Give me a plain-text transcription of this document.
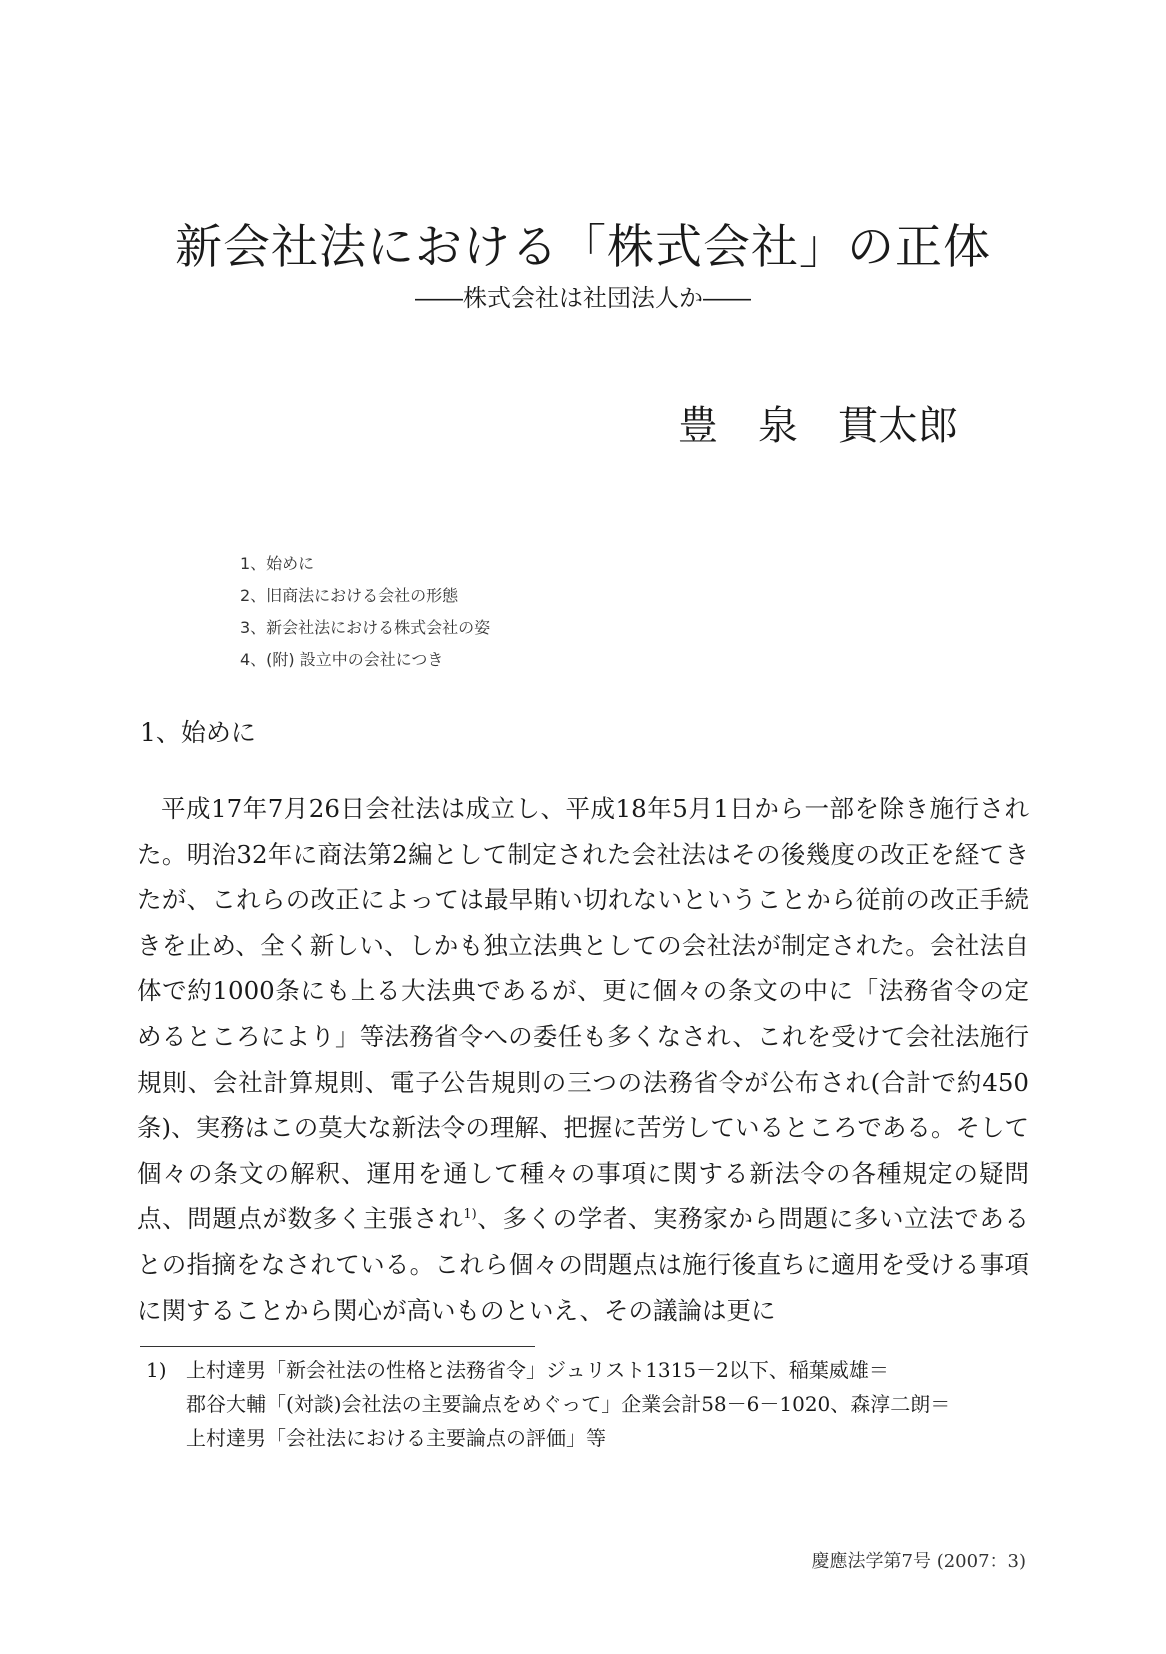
新会社法における「株式会社」の正体
――株式会社は社団法人か――
豊　泉　貫太郎
1、始めに
2、旧商法における会社の形態
3、新会社法における株式会社の姿
4、(附) 設立中の会社につき
1、始めに

平成17年7月26日会社法は成立し、平成18年5月1日から一部を除き施行された。明治32年に商法第2編として制定された会社法はその後幾度の改正を経てきたが、これらの改正によっては最早賄い切れないということから従前の改正手続きを止め、全く新しい、しかも独立法典としての会社法が制定された。会社法自体で約1000条にも上る大法典であるが、更に個々の条文の中に「法務省令の定めるところにより」等法務省令への委任も多くなされ、これを受けて会社法施行規則、会社計算規則、電子公告規則の三つの法務省令が公布され(合計で約450条)、実務はこの莫大な新法令の理解、把握に苦労しているところである。そして個々の条文の解釈、運用を通して種々の事項に関する新法令の各種規定の疑問点、問題点が数多く主張され$^{1)}$、多くの学者、実務家から問題に多い立法であるとの指摘をなされている。これら個々の問題点は施行後直ちに適用を受ける事項に関することから関心が高いものといえ、その議論は更に

1) 上村達男「新会社法の性格と法務省令」ジュリスト1315－2以下、稲葉威雄＝
郡谷大輔「(対談)会社法の主要論点をめぐって」企業会計58－6－1020、森淳二朗＝
上村達男「会社法における主要論点の評価」等
慶應法学第7号 (2007：3)
